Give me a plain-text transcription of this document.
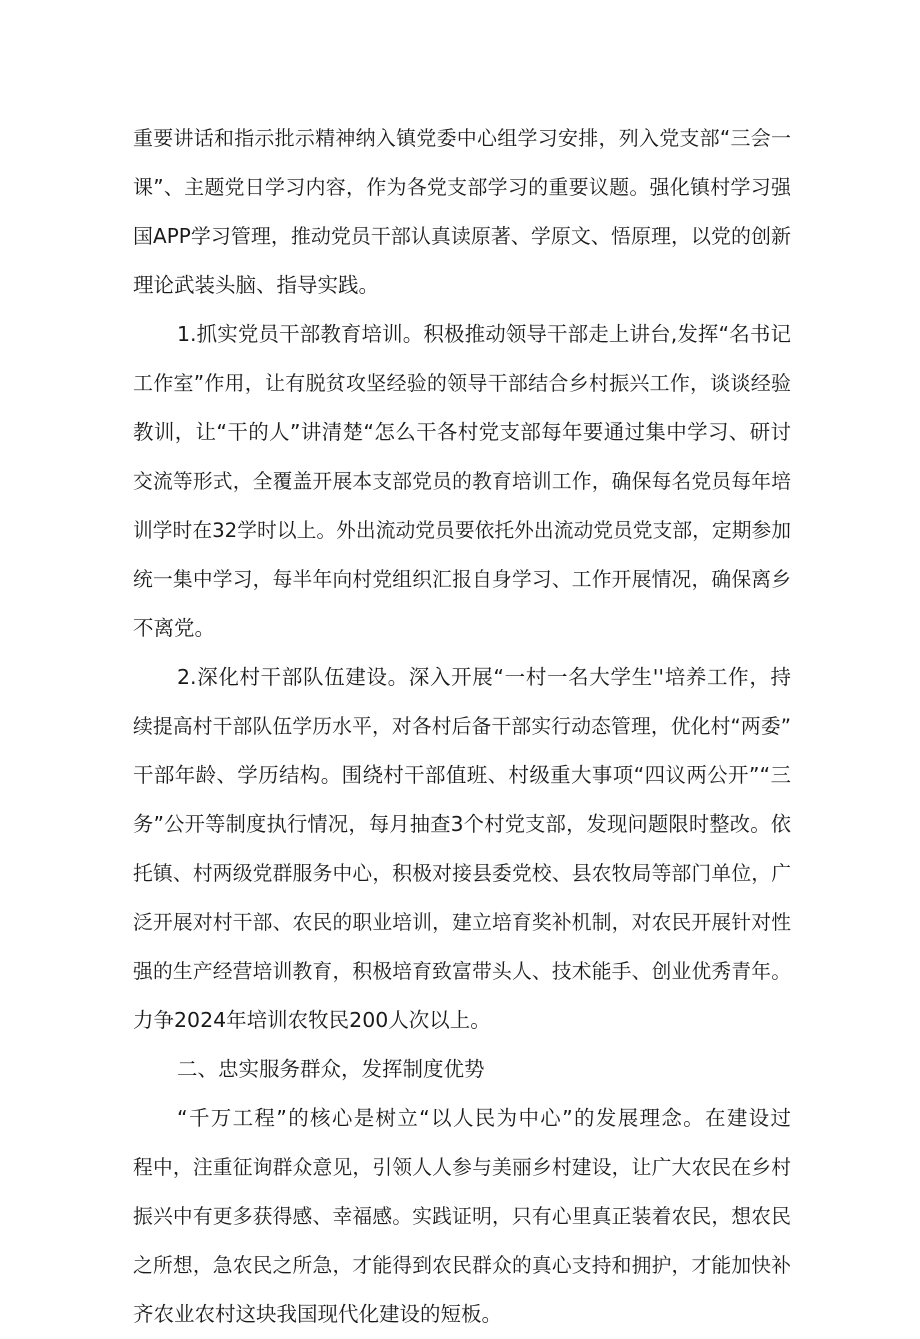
重要讲话和指示批示精神纳入镇党委中心组学习安排，列入党支部“三会一
课”、主题党日学习内容，作为各党支部学习的重要议题。强化镇村学习强
国APP学习管理，推动党员干部认真读原著、学原文、悟原理，以党的创新
理论武装头脑、指导实践。
1.抓实党员干部教育培训。积极推动领导干部走上讲台,发挥“名书记
工作室”作用，让有脱贫攻坚经验的领导干部结合乡村振兴工作，谈谈经验
教训，让“干的人”讲清楚“怎么干各村党支部每年要通过集中学习、研讨
交流等形式，全覆盖开展本支部党员的教育培训工作，确保每名党员每年培
训学时在32学时以上。外出流动党员要依托外出流动党员党支部，定期参加
统一集中学习，每半年向村党组织汇报自身学习、工作开展情况，确保离乡
不离党。
2.深化村干部队伍建设。深入开展“一村一名大学生''培养工作，持
续提高村干部队伍学历水平，对各村后备干部实行动态管理，优化村“两委”
干部年龄、学历结构。围绕村干部值班、村级重大事项“四议两公开”“三
务”公开等制度执行情况，每月抽查3个村党支部，发现问题限时整改。依
托镇、村两级党群服务中心，积极对接县委党校、县农牧局等部门单位，广
泛开展对村干部、农民的职业培训，建立培育奖补机制，对农民开展针对性
强的生产经营培训教育，积极培育致富带头人、技术能手、创业优秀青年。
力争2024年培训农牧民200人次以上。
二、忠实服务群众，发挥制度优势
“千万工程”的核心是树立“以人民为中心”的发展理念。在建设过
程中，注重征询群众意见，引领人人参与美丽乡村建设，让广大农民在乡村
振兴中有更多获得感、幸福感。实践证明，只有心里真正装着农民，想农民
之所想，急农民之所急，才能得到农民群众的真心支持和拥护，才能加快补
齐农业农村这块我国现代化建设的短板。
